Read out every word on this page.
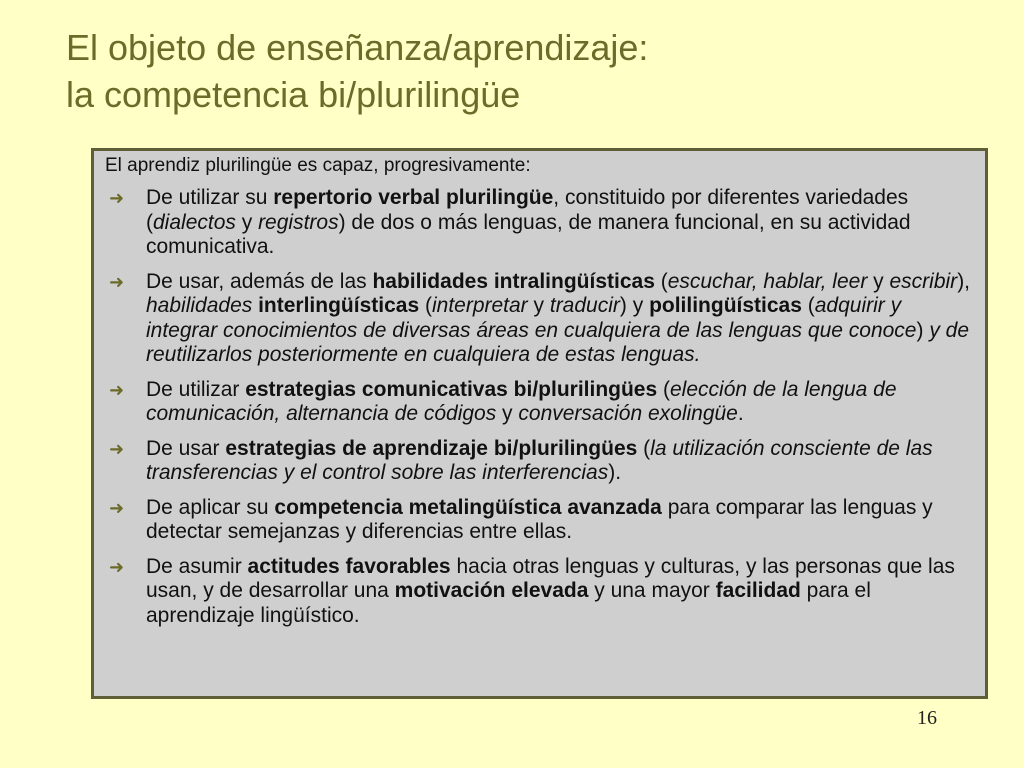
El objeto de enseñanza/aprendizaje:
la competencia bi/plurilingüe

El aprendiz plurilingüe es capaz, progresivamente:

➜ De utilizar su repertorio verbal plurilingüe, constituido por diferentes variedades (dialectos y registros) de dos o más lenguas, de manera funcional, en su actividad comunicativa.
➜ De usar, además de las habilidades intralingüísticas (escuchar, hablar, leer y escribir), habilidades interlingüísticas (interpretar y traducir) y polilingüísticas (adquirir y integrar conocimientos de diversas áreas en cualquiera de las lenguas que conoce) y de reutilizarlos posteriormente en cualquiera de estas lenguas.
➜ De utilizar estrategias comunicativas bi/plurilingües (elección de la lengua de comunicación, alternancia de códigos y conversación exolingüe.
➜ De usar estrategias de aprendizaje bi/plurilingües (la utilización consciente de las transferencias y el control sobre las interferencias).
➜ De aplicar su competencia metalingüística avanzada para comparar las lenguas y detectar semejanzas y diferencias entre ellas.
➜ De asumir actitudes favorables hacia otras lenguas y culturas, y las personas que las usan, y de desarrollar una motivación elevada y una mayor facilidad para el aprendizaje lingüístico.
16
